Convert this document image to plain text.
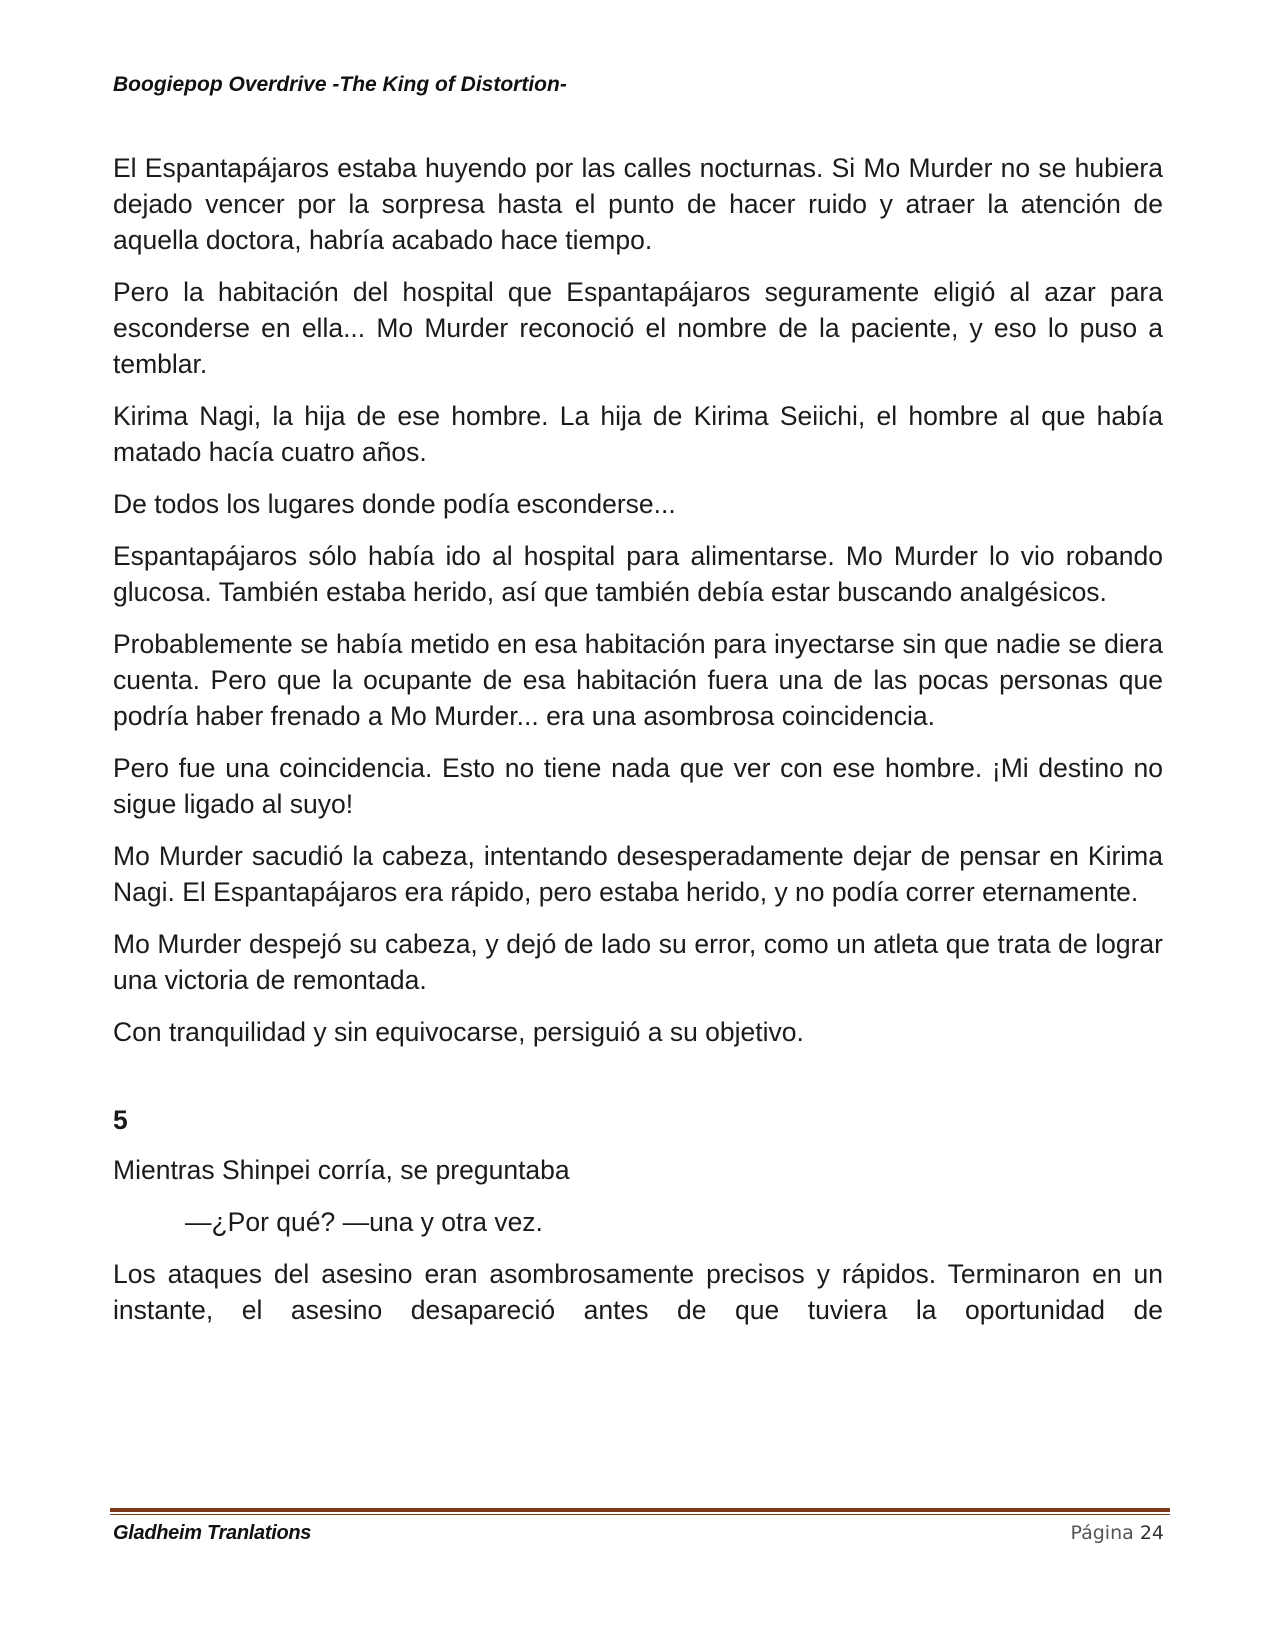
Boogiepop Overdrive -The King of Distortion-

El Espantapájaros estaba huyendo por las calles nocturnas. Si Mo Murder no se hubiera dejado vencer por la sorpresa hasta el punto de hacer ruido y atraer la atención de aquella doctora, habría acabado hace tiempo.

Pero la habitación del hospital que Espantapájaros seguramente eligió al azar para esconderse en ella... Mo Murder reconoció el nombre de la paciente, y eso lo puso a temblar.

Kirima Nagi, la hija de ese hombre. La hija de Kirima Seiichi, el hombre al que había matado hacía cuatro años.

De todos los lugares donde podía esconderse...

Espantapájaros sólo había ido al hospital para alimentarse. Mo Murder lo vio robando glucosa. También estaba herido, así que también debía estar buscando analgésicos.

Probablemente se había metido en esa habitación para inyectarse sin que nadie se diera cuenta. Pero que la ocupante de esa habitación fuera una de las pocas personas que podría haber frenado a Mo Murder... era una asombrosa coincidencia.

Pero fue una coincidencia. Esto no tiene nada que ver con ese hombre. ¡Mi destino no sigue ligado al suyo!

Mo Murder sacudió la cabeza, intentando desesperadamente dejar de pensar en Kirima Nagi. El Espantapájaros era rápido, pero estaba herido, y no podía correr eternamente.

Mo Murder despejó su cabeza, y dejó de lado su error, como un atleta que trata de lograr una victoria de remontada.

Con tranquilidad y sin equivocarse, persiguió a su objetivo.

5

Mientras Shinpei corría, se preguntaba

—¿Por qué? —una y otra vez.

Los ataques del asesino eran asombrosamente precisos y rápidos. Terminaron en un instante, el asesino desapareció antes de que tuviera la oportunidad de

Gladheim Tranlations	Página 24
